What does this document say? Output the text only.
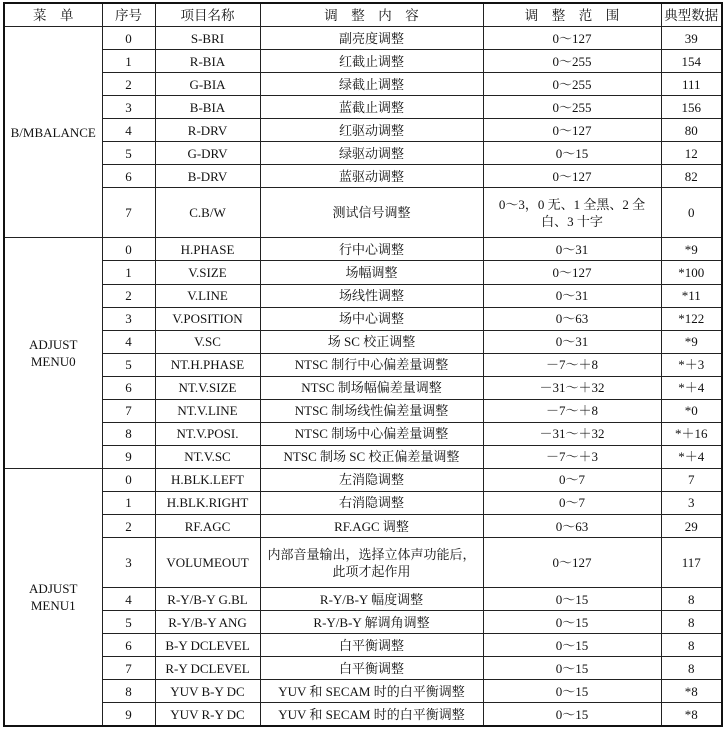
菜　单	序号	项目名称	调　整　内　容	调　整　范　围	典型数据
B/MBALANCE	0	S-BRI	副亮度调整	0～127	39
	1	R-BIA	红截止调整	0～255	154
	2	G-BIA	绿截止调整	0～255	111
	3	B-BIA	蓝截止调整	0～255	156
	4	R-DRV	红驱动调整	0～127	80
	5	G-DRV	绿驱动调整	0～15	12
	6	B-DRV	蓝驱动调整	0～127	82
	7	C.B/W	测试信号调整	0～3，0 无、1 全黑、2 全白、3 十字	0
ADJUST MENU0	0	H.PHASE	行中心调整	0～31	*9
	1	V.SIZE	场幅调整	0～127	*100
	2	V.LINE	场线性调整	0～31	*11
	3	V.POSITION	场中心调整	0～63	*122
	4	V.SC	场 SC 校正调整	0～31	*9
	5	NT.H.PHASE	NTSC 制行中心偏差量调整	－7～＋8	*＋3
	6	NT.V.SIZE	NTSC 制场幅偏差量调整	－31～＋32	*＋4
	7	NT.V.LINE	NTSC 制场线性偏差量调整	－7～＋8	*0
	8	NT.V.POSI.	NTSC 制场中心偏差量调整	－31～＋32	*＋16
	9	NT.V.SC	NTSC 制场 SC 校正偏差量调整	－7～＋3	*＋4
ADJUST MENU1	0	H.BLK.LEFT	左消隐调整	0～7	7
	1	H.BLK.RIGHT	右消隐调整	0～7	3
	2	RF.AGC	RF.AGC 调整	0～63	29
	3	VOLUMEOUT	内部音量输出，选择立体声功能后，此项才起作用	0～127	117
	4	R-Y/B-Y G.BL	R-Y/B-Y 幅度调整	0～15	8
	5	R-Y/B-Y ANG	R-Y/B-Y 解调角调整	0～15	8
	6	B-Y DCLEVEL	白平衡调整	0～15	8
	7	R-Y DCLEVEL	白平衡调整	0～15	8
	8	YUV B-Y DC	YUV 和 SECAM 时的白平衡调整	0～15	*8
	9	YUV R-Y DC	YUV 和 SECAM 时的白平衡调整	0～15	*8
